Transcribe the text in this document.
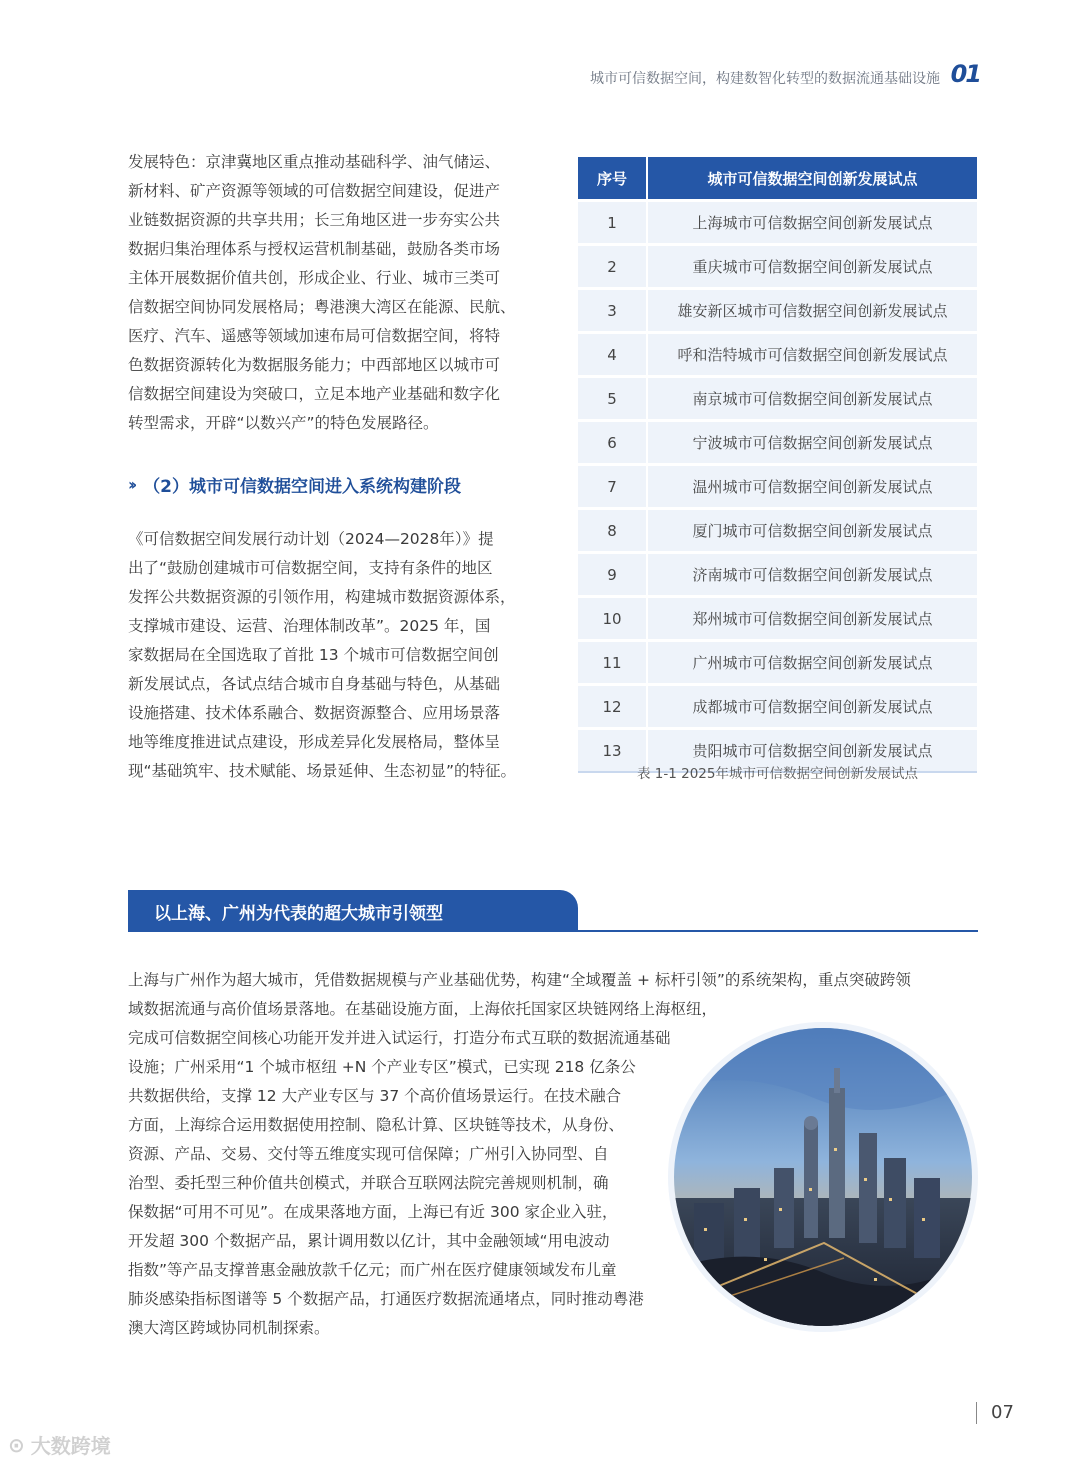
城市可信数据空间，构建数智化转型的数据流通基础设施 01

发展特色：京津冀地区重点推动基础科学、油气储运、
新材料、矿产资源等领域的可信数据空间建设，促进产
业链数据资源的共享共用；长三角地区进一步夯实公共
数据归集治理体系与授权运营机制基础，鼓励各类市场
主体开展数据价值共创，形成企业、行业、城市三类可
信数据空间协同发展格局；粤港澳大湾区在能源、民航、
医疗、汽车、遥感等领域加速布局可信数据空间，将特
色数据资源转化为数据服务能力；中西部地区以城市可
信数据空间建设为突破口，立足本地产业基础和数字化
转型需求，开辟“以数兴产”的特色发展路径。

›› （2）城市可信数据空间进入系统构建阶段

《可信数据空间发展行动计划（2024—2028年）》提
出了“鼓励创建城市可信数据空间，支持有条件的地区
发挥公共数据资源的引领作用，构建城市数据资源体系，
支撑城市建设、运营、治理体制改革”。2025 年，国
家数据局在全国选取了首批 13 个城市可信数据空间创
新发展试点，各试点结合城市自身基础与特色，从基础
设施搭建、技术体系融合、数据资源整合、应用场景落
地等维度推进试点建设，形成差异化发展格局，整体呈
现“基础筑牢、技术赋能、场景延伸、生态初显”的特征。

序号	城市可信数据空间创新发展试点
1	上海城市可信数据空间创新发展试点
2	重庆城市可信数据空间创新发展试点
3	雄安新区城市可信数据空间创新发展试点
4	呼和浩特城市可信数据空间创新发展试点
5	南京城市可信数据空间创新发展试点
6	宁波城市可信数据空间创新发展试点
7	温州城市可信数据空间创新发展试点
8	厦门城市可信数据空间创新发展试点
9	济南城市可信数据空间创新发展试点
10	郑州城市可信数据空间创新发展试点
11	广州城市可信数据空间创新发展试点
12	成都城市可信数据空间创新发展试点
13	贵阳城市可信数据空间创新发展试点
表 1-1 2025年城市可信数据空间创新发展试点
以上海、广州为代表的超大城市引领型
上海与广州作为超大城市，凭借数据规模与产业基础优势，构建“全域覆盖 + 标杆引领”的系统架构，重点突破跨领
域数据流通与高价值场景落地。在基础设施方面，上海依托国家区块链网络上海枢纽，
完成可信数据空间核心功能开发并进入试运行，打造分布式互联的数据流通基础
设施；广州采用“1 个城市枢纽 +N 个产业专区”模式，已实现 218 亿条公
共数据供给，支撑 12 大产业专区与 37 个高价值场景运行。在技术融合
方面，上海综合运用数据使用控制、隐私计算、区块链等技术，从身份、
资源、产品、交易、交付等五维度实现可信保障；广州引入协同型、自
治型、委托型三种价值共创模式，并联合互联网法院完善规则机制，确
保数据“可用不可见”。在成果落地方面，上海已有近 300 家企业入驻，
开发超 300 个数据产品，累计调用数以亿计，其中金融领域“用电波动
指数”等产品支撑普惠金融放款千亿元；而广州在医疗健康领域发布儿童
肺炎感染指标图谱等 5 个数据产品，打通医疗数据流通堵点，同时推动粤港
澳大湾区跨域协同机制探索。
07
⊙ 大数跨境
